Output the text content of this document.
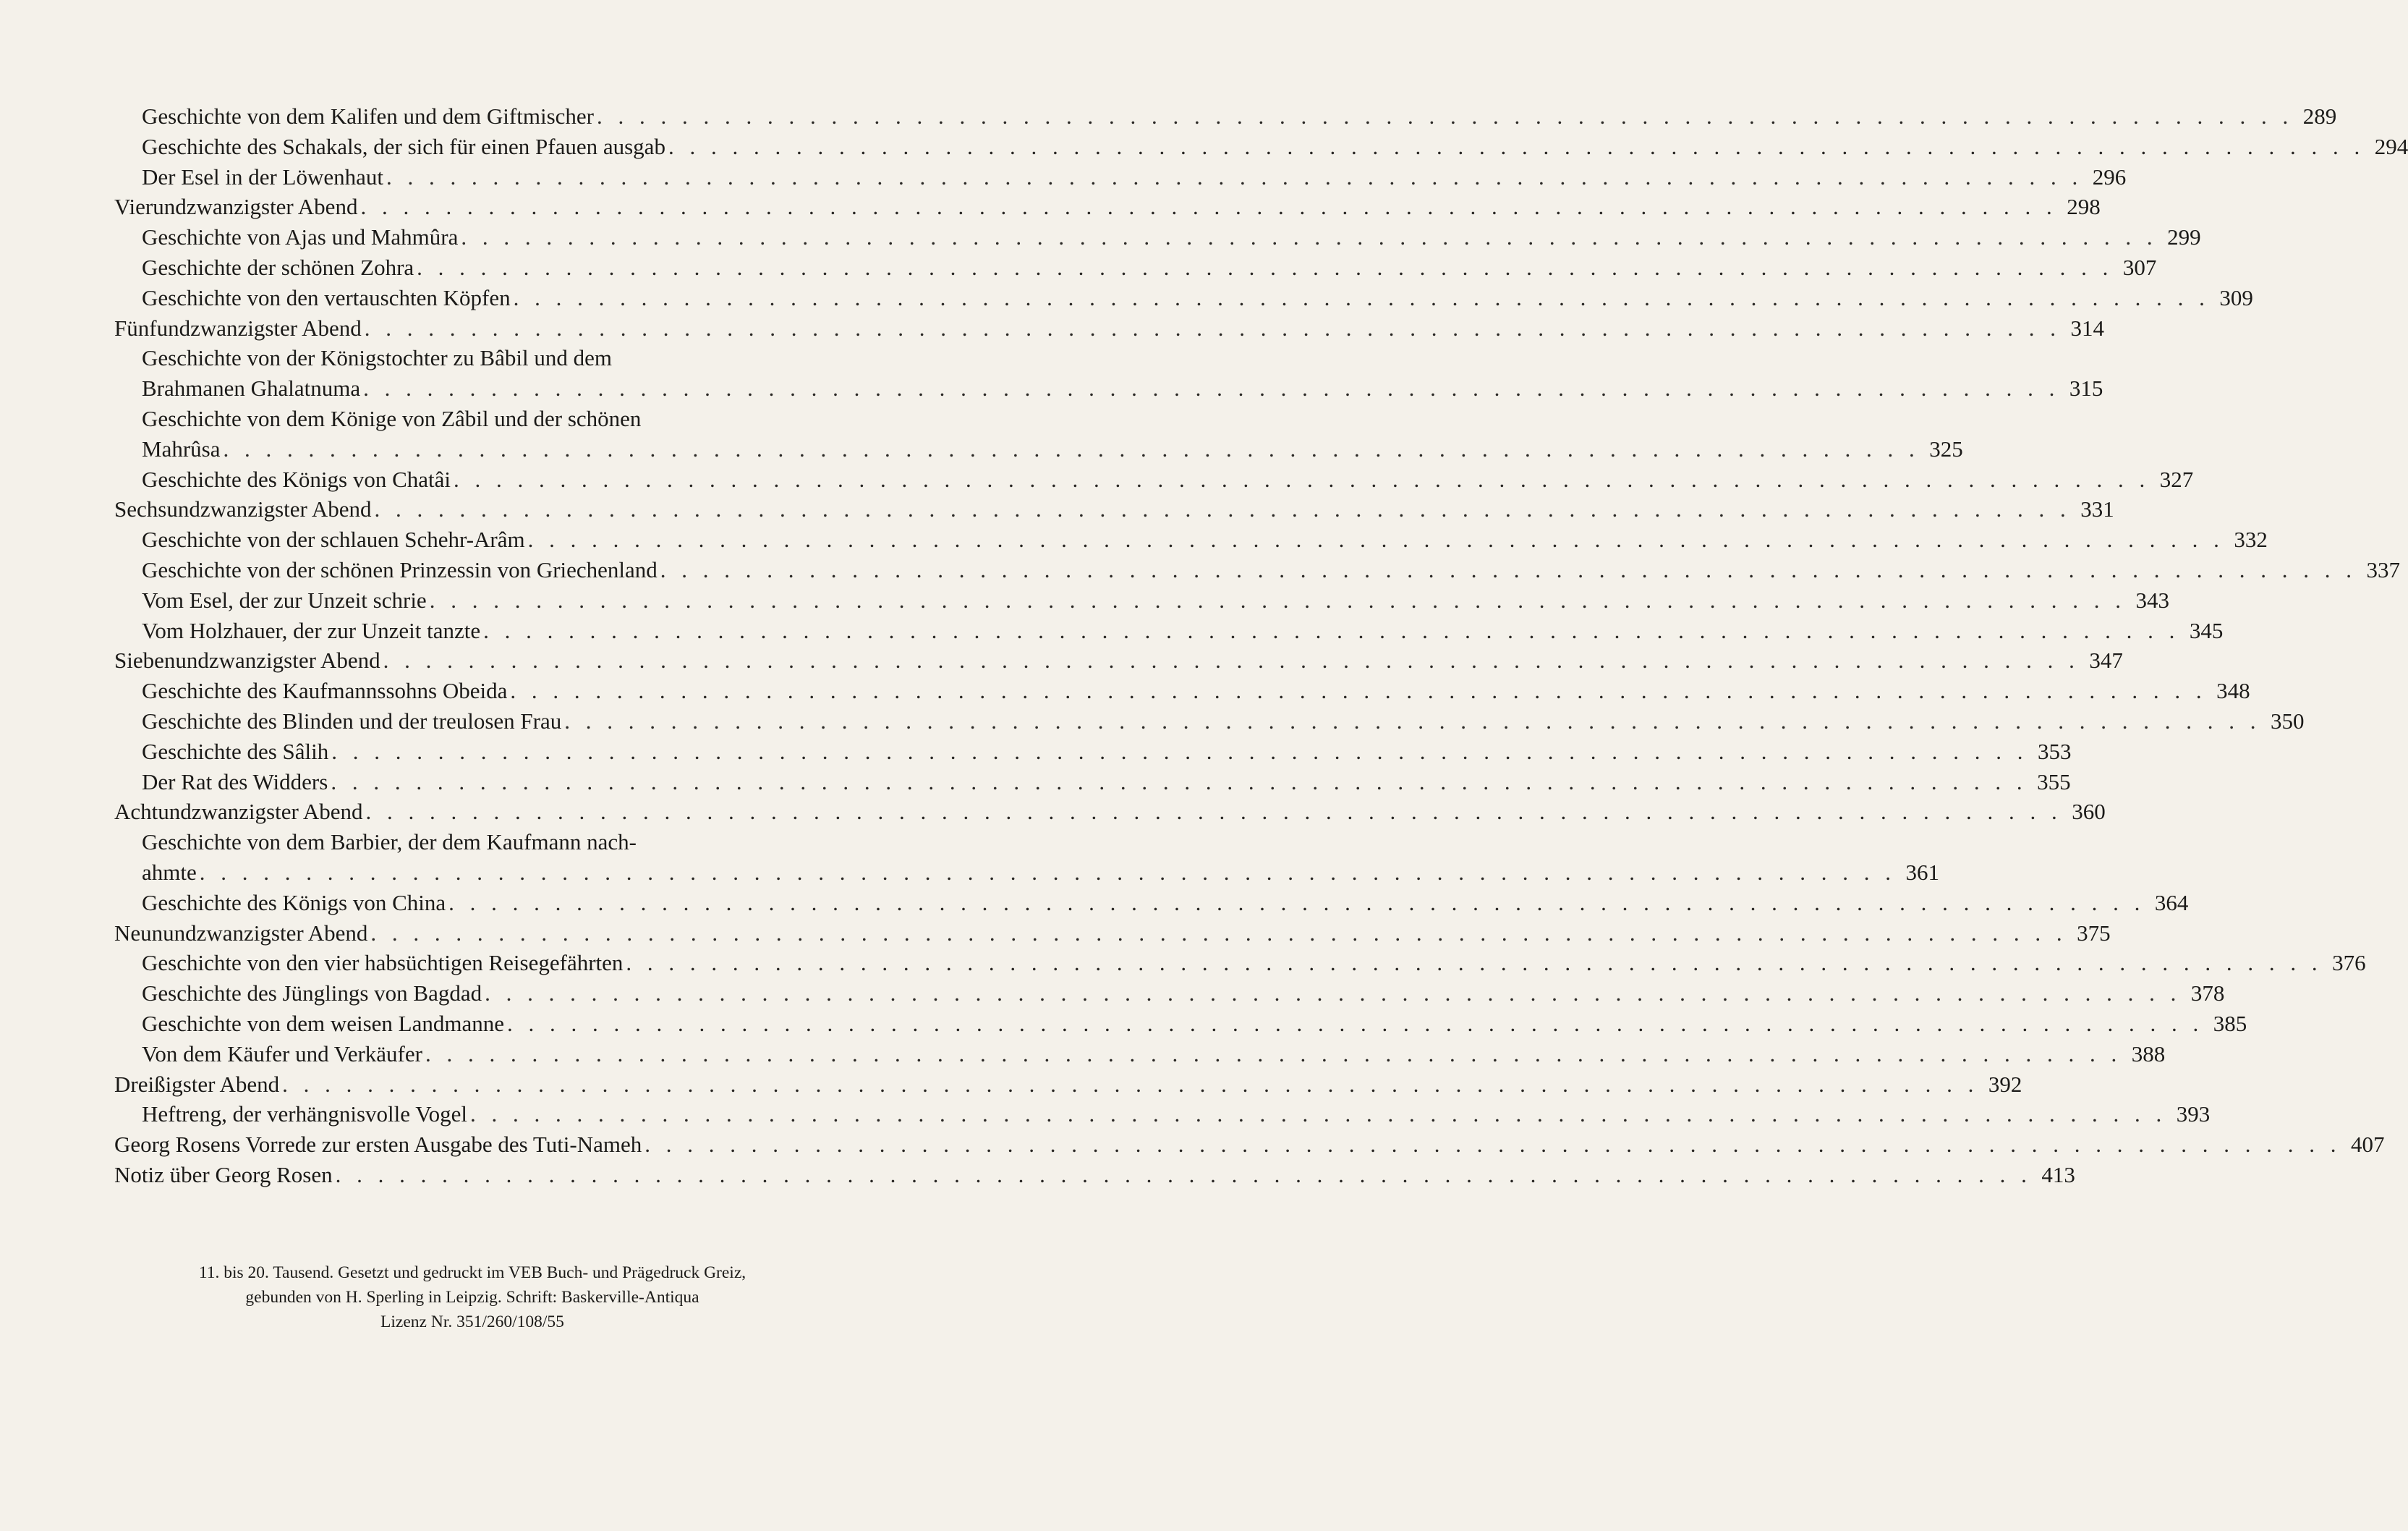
Geschichte von dem Kalifen und dem Giftmischer . . . . . . . . . . . . . . . . . . . . . . . . . . . . . . . . . . . . . . . . . . . . . . . . . . . . . . . . . . . . . . . . . . . . . . . . . . . . . . . . 289
Geschichte des Schakals, der sich für einen Pfauen ausgab . . . . . . . . . . . . . . . . . . . . . . . . . . . . . . . . . . . . . . . . . . . . . . . . . . . . . . . . . . . . . . . . . . . . . . . . . . . . . . . . 294
Der Esel in der Löwenhaut . . . . . . . . . . . . . . . . . . . . . . . . . . . . . . . . . . . . . . . . . . . . . . . . . . . . . . . . . . . . . . . . . . . . . . . . . . . . . . . . 296
Vierundzwanzigster Abend . . . . . . . . . . . . . . . . . . . . . . . . . . . . . . . . . . . . . . . . . . . . . . . . . . . . . . . . . . . . . . . . . . . . . . . . . . . . . . . . 298
Geschichte von Ajas und Mahmûra . . . . . . . . . . . . . . . . . . . . . . . . . . . . . . . . . . . . . . . . . . . . . . . . . . . . . . . . . . . . . . . . . . . . . . . . . . . . . . . . 299
Geschichte der schönen Zohra . . . . . . . . . . . . . . . . . . . . . . . . . . . . . . . . . . . . . . . . . . . . . . . . . . . . . . . . . . . . . . . . . . . . . . . . . . . . . . . . 307
Geschichte von den vertauschten Köpfen . . . . . . . . . . . . . . . . . . . . . . . . . . . . . . . . . . . . . . . . . . . . . . . . . . . . . . . . . . . . . . . . . . . . . . . . . . . . . . . . 309
Fünfundzwanzigster Abend . . . . . . . . . . . . . . . . . . . . . . . . . . . . . . . . . . . . . . . . . . . . . . . . . . . . . . . . . . . . . . . . . . . . . . . . . . . . . . . . 314
Geschichte von der Königstochter zu Bâbil und dem
Brahmanen Ghalatnuma . . . . . . . . . . . . . . . . . . . . . . . . . . . . . . . . . . . . . . . . . . . . . . . . . . . . . . . . . . . . . . . . . . . . . . . . . . . . . . . . 315
Geschichte von dem Könige von Zâbil und der schönen
Mahrûsa . . . . . . . . . . . . . . . . . . . . . . . . . . . . . . . . . . . . . . . . . . . . . . . . . . . . . . . . . . . . . . . . . . . . . . . . . . . . . . . . 325
Geschichte des Königs von Chatâi . . . . . . . . . . . . . . . . . . . . . . . . . . . . . . . . . . . . . . . . . . . . . . . . . . . . . . . . . . . . . . . . . . . . . . . . . . . . . . . . 327
Sechsundzwanzigster Abend . . . . . . . . . . . . . . . . . . . . . . . . . . . . . . . . . . . . . . . . . . . . . . . . . . . . . . . . . . . . . . . . . . . . . . . . . . . . . . . . 331
Geschichte von der schlauen Schehr-Arâm . . . . . . . . . . . . . . . . . . . . . . . . . . . . . . . . . . . . . . . . . . . . . . . . . . . . . . . . . . . . . . . . . . . . . . . . . . . . . . . . 332
Geschichte von der schönen Prinzessin von Griechenland . . . . . . . . . . . . . . . . . . . . . . . . . . . . . . . . . . . . . . . . . . . . . . . . . . . . . . . . . . . . . . . . . . . . . . . . . . . . . . . . 337
Vom Esel, der zur Unzeit schrie . . . . . . . . . . . . . . . . . . . . . . . . . . . . . . . . . . . . . . . . . . . . . . . . . . . . . . . . . . . . . . . . . . . . . . . . . . . . . . . . 343
Vom Holzhauer, der zur Unzeit tanzte . . . . . . . . . . . . . . . . . . . . . . . . . . . . . . . . . . . . . . . . . . . . . . . . . . . . . . . . . . . . . . . . . . . . . . . . . . . . . . . . 345
Siebenundzwanzigster Abend . . . . . . . . . . . . . . . . . . . . . . . . . . . . . . . . . . . . . . . . . . . . . . . . . . . . . . . . . . . . . . . . . . . . . . . . . . . . . . . . 347
Geschichte des Kaufmannssohns Obeida . . . . . . . . . . . . . . . . . . . . . . . . . . . . . . . . . . . . . . . . . . . . . . . . . . . . . . . . . . . . . . . . . . . . . . . . . . . . . . . . 348
Geschichte des Blinden und der treulosen Frau . . . . . . . . . . . . . . . . . . . . . . . . . . . . . . . . . . . . . . . . . . . . . . . . . . . . . . . . . . . . . . . . . . . . . . . . . . . . . . . . 350
Geschichte des Sâlih . . . . . . . . . . . . . . . . . . . . . . . . . . . . . . . . . . . . . . . . . . . . . . . . . . . . . . . . . . . . . . . . . . . . . . . . . . . . . . . . 353
Der Rat des Widders . . . . . . . . . . . . . . . . . . . . . . . . . . . . . . . . . . . . . . . . . . . . . . . . . . . . . . . . . . . . . . . . . . . . . . . . . . . . . . . . 355
Achtundzwanzigster Abend . . . . . . . . . . . . . . . . . . . . . . . . . . . . . . . . . . . . . . . . . . . . . . . . . . . . . . . . . . . . . . . . . . . . . . . . . . . . . . . . 360
Geschichte von dem Barbier, der dem Kaufmann nach-
ahmte . . . . . . . . . . . . . . . . . . . . . . . . . . . . . . . . . . . . . . . . . . . . . . . . . . . . . . . . . . . . . . . . . . . . . . . . . . . . . . . . 361
Geschichte des Königs von China . . . . . . . . . . . . . . . . . . . . . . . . . . . . . . . . . . . . . . . . . . . . . . . . . . . . . . . . . . . . . . . . . . . . . . . . . . . . . . . . 364
Neunundzwanzigster Abend . . . . . . . . . . . . . . . . . . . . . . . . . . . . . . . . . . . . . . . . . . . . . . . . . . . . . . . . . . . . . . . . . . . . . . . . . . . . . . . . 375
Geschichte von den vier habsüchtigen Reisegefährten . . . . . . . . . . . . . . . . . . . . . . . . . . . . . . . . . . . . . . . . . . . . . . . . . . . . . . . . . . . . . . . . . . . . . . . . . . . . . . . . 376
Geschichte des Jünglings von Bagdad . . . . . . . . . . . . . . . . . . . . . . . . . . . . . . . . . . . . . . . . . . . . . . . . . . . . . . . . . . . . . . . . . . . . . . . . . . . . . . . . 378
Geschichte von dem weisen Landmanne . . . . . . . . . . . . . . . . . . . . . . . . . . . . . . . . . . . . . . . . . . . . . . . . . . . . . . . . . . . . . . . . . . . . . . . . . . . . . . . . 385
Von dem Käufer und Verkäufer . . . . . . . . . . . . . . . . . . . . . . . . . . . . . . . . . . . . . . . . . . . . . . . . . . . . . . . . . . . . . . . . . . . . . . . . . . . . . . . . 388
Dreißigster Abend . . . . . . . . . . . . . . . . . . . . . . . . . . . . . . . . . . . . . . . . . . . . . . . . . . . . . . . . . . . . . . . . . . . . . . . . . . . . . . . . 392
Heftreng, der verhängnisvolle Vogel . . . . . . . . . . . . . . . . . . . . . . . . . . . . . . . . . . . . . . . . . . . . . . . . . . . . . . . . . . . . . . . . . . . . . . . . . . . . . . . . 393
Georg Rosens Vorrede zur ersten Ausgabe des Tuti-Nameh . . . . . . . . . . . . . . . . . . . . . . . . . . . . . . . . . . . . . . . . . . . . . . . . . . . . . . . . . . . . . . . . . . . . . . . . . . . . . . . . 407
Notiz über Georg Rosen . . . . . . . . . . . . . . . . . . . . . . . . . . . . . . . . . . . . . . . . . . . . . . . . . . . . . . . . . . . . . . . . . . . . . . . . . . . . . . . . 413
11. bis 20. Tausend. Gesetzt und gedruckt im VEB Buch- und Prägedruck Greiz,
gebunden von H. Sperling in Leipzig. Schrift: Baskerville-Antiqua
Lizenz Nr. 351/260/108/55
